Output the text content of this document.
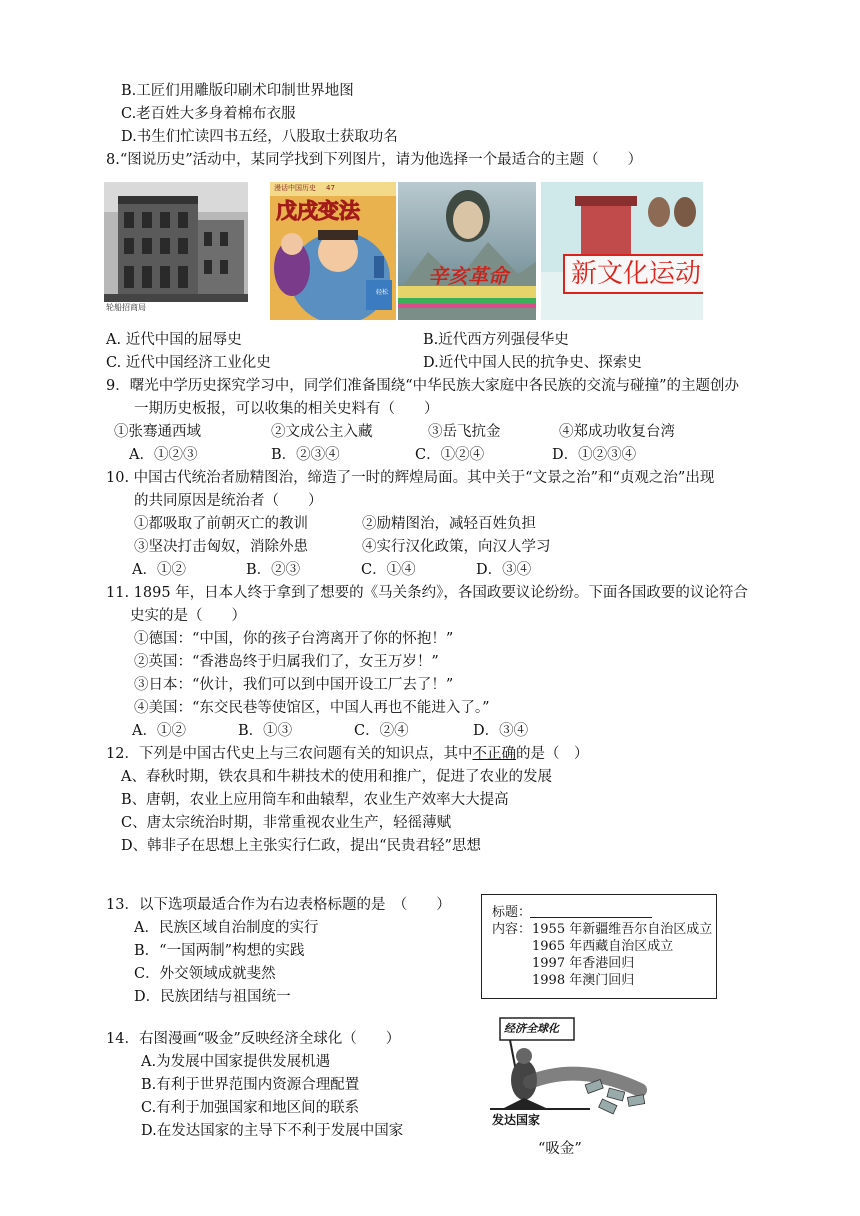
B.工匠们用雕版印刷术印制世界地图
C.老百姓大多身着棉布衣服
D.书生们忙读四书五经，八股取士获取功名
8.“图说历史”活动中，某同学找到下列图片，请为他选择一个最适合的主题（　　）
轮船招商局
漫话中国历史 47
戊戌变法
轻松
辛亥革命	新文化运动
A. 近代中国的屈辱史	B.近代西方列强侵华史
C. 近代中国经济工业化史	D.近代中国人民的抗争史、探索史
9．曙光中学历史探究学习中，同学们准备围绕“中华民族大家庭中各民族的交流与碰撞”的主题创办
一期历史板报，可以收集的相关史料有（　　）
①张骞通西域	②文成公主入藏	③岳飞抗金	④郑成功收复台湾
A．①②③	B．②③④	C．①②④	D．①②③④
10. 中国古代统治者励精图治，缔造了一时的辉煌局面。其中关于“文景之治”和“贞观之治”出现
的共同原因是统治者（　　）
①都吸取了前朝灭亡的教训	②励精图治，减轻百姓负担
③坚决打击匈奴，消除外患	④实行汉化政策，向汉人学习
A．①②	B．②③	C．①④	D．③④
11. 1895 年，日本人终于拿到了想要的《马关条约》，各国政要议论纷纷。下面各国政要的议论符合
史实的是（　　）
①德国：“中国，你的孩子台湾离开了你的怀抱！”
②英国：“香港岛终于归属我们了，女王万岁！”
③日本：“伙计，我们可以到中国开设工厂去了！”
④美国：“东交民巷等使馆区，中国人再也不能进入了。”
A．①②	B．①③	C．②④	D．③④
12．下列是中国古代史上与三农问题有关的知识点，其中不正确的是（　）
A、春秋时期，铁农具和牛耕技术的使用和推广，促进了农业的发展
B、唐朝，农业上应用筒车和曲辕犁，农业生产效率大大提高
C、唐太宗统治时期，非常重视农业生产，轻徭薄赋
D、韩非子在思想上主张实行仁政，提出“民贵君轻”思想
13．以下选项最适合作为右边表格标题的是　（　　）
A．民族区域自治制度的实行
B．“一国两制”构想的实践
C．外交领域成就斐然
D．民族团结与祖国统一
标题：
内容： 1955 年新疆维吾尔自治区成立
1965 年西藏自治区成立
1997 年香港回归
1998 年澳门回归
14．右图漫画“吸金”反映经济全球化（　　）
A.为发展中国家提供发展机遇
B.有利于世界范围内资源合理配置
C.有利于加强国家和地区间的联系
D.在发达国家的主导下不利于发展中国家
经济全球化
发达国家
“吸金”
